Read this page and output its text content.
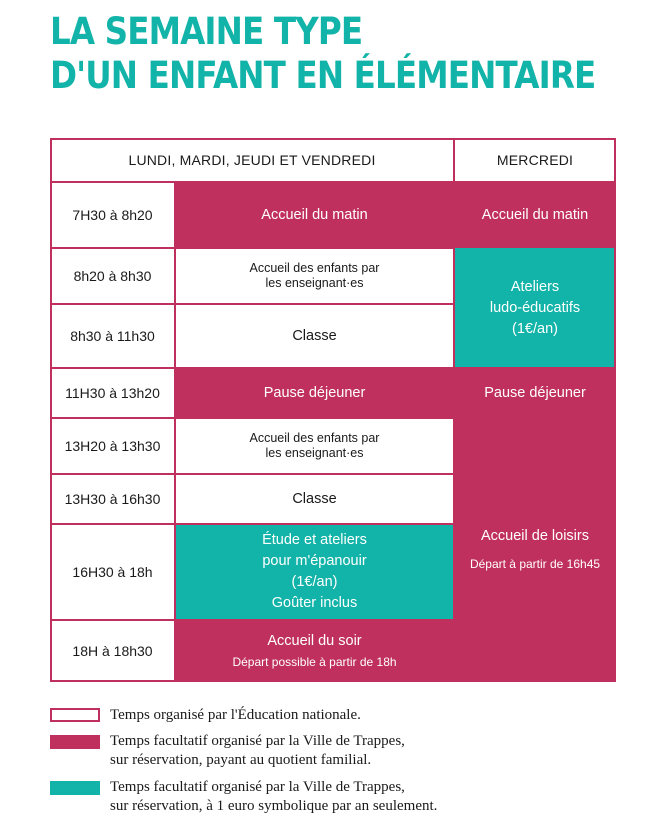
LA SEMAINE TYPE
D'UN ENFANT EN ÉLÉMENTAIRE
LUNDI, MARDI, JEUDI ET VENDREDI	MERCREDI
7H30 à 8h20
8h20 à 8h30
8h30 à 11h30
11H30 à 13h20
13H20 à 13h30
13H30 à 16h30
16H30 à 18h
18H à 18h30
Accueil du matin
Accueil des enfants par
les enseignant·es
Classe
Pause déjeuner
Accueil des enfants par
les enseignant·es
Classe
Étude et ateliers
pour m'épanouir
(1€/an)
Goûter inclus
Accueil du soir
Départ possible à partir de 18h
Accueil du matin
Ateliers
ludo-éducatifs
(1€/an)
Pause déjeuner
Accueil de loisirs
Départ à partir de 16h45
Temps organisé par l'Éducation nationale.
Temps facultatif organisé par la Ville de Trappes,
sur réservation, payant au quotient familial.
Temps facultatif organisé par la Ville de Trappes,
sur réservation, à 1 euro symbolique par an seulement.
